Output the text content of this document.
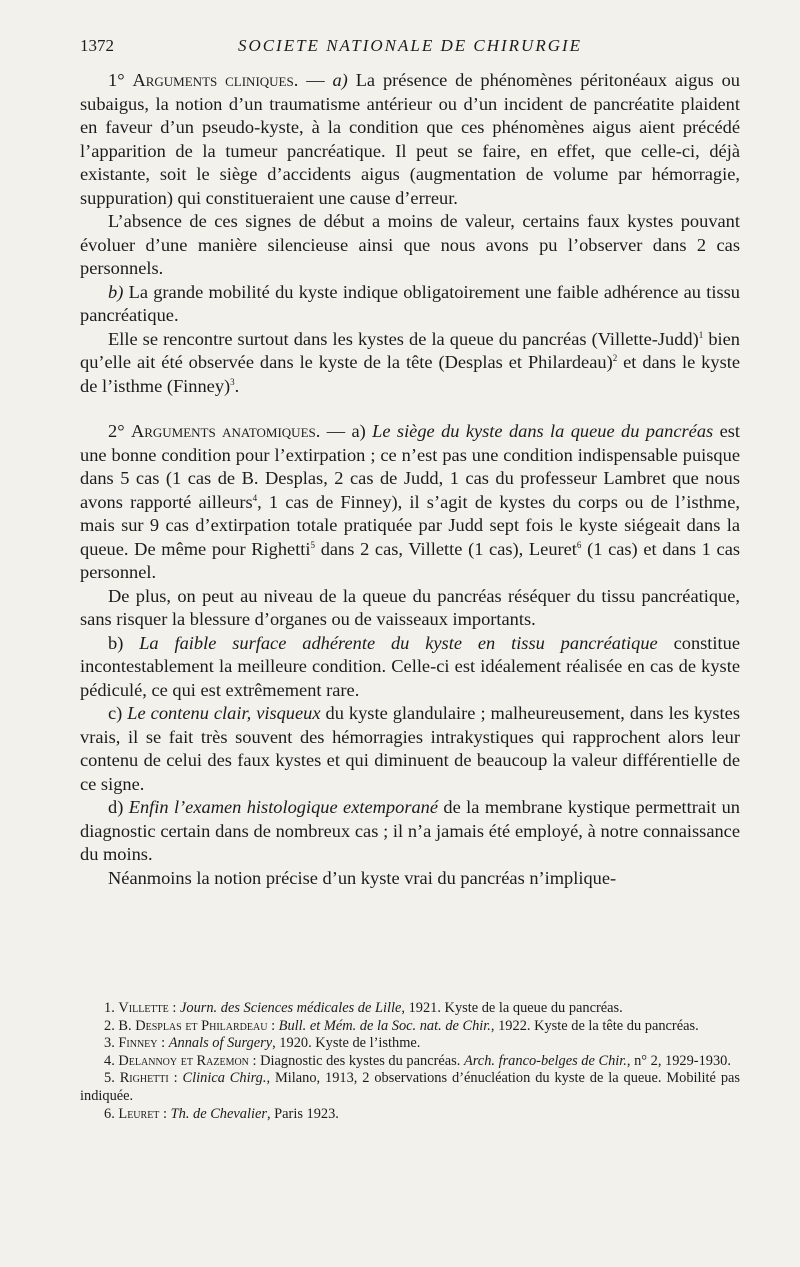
1372	SOCIETE NATIONALE DE CHIRURGIE

1° Arguments cliniques. — a) La présence de phénomènes péritonéaux aigus ou subaigus, la notion d’un traumatisme antérieur ou d’un incident de pancréatite plaident en faveur d’un pseudo-kyste, à la condition que ces phénomènes aigus aient précédé l’apparition de la tumeur pancréatique. Il peut se faire, en effet, que celle-ci, déjà existante, soit le siège d’accidents aigus (augmentation de volume par hémorragie, suppuration) qui constitueraient une cause d’erreur.

L’absence de ces signes de début a moins de valeur, certains faux kystes pouvant évoluer d’une manière silencieuse ainsi que nous avons pu l’observer dans 2 cas personnels.

b) La grande mobilité du kyste indique obligatoirement une faible adhérence au tissu pancréatique.

Elle se rencontre surtout dans les kystes de la queue du pancréas (Villette-Judd)$^1$ bien qu’elle ait été observée dans le kyste de la tête (Desplas et Philardeau)$^2$ et dans le kyste de l’isthme (Finney)$^3$.

2° Arguments anatomiques. — a) Le siège du kyste dans la queue du pancréas est une bonne condition pour l’extirpation ; ce n’est pas une condition indispensable puisque dans 5 cas (1 cas de B. Desplas, 2 cas de Judd, 1 cas du professeur Lambret que nous avons rapporté ailleurs$^4$, 1 cas de Finney), il s’agit de kystes du corps ou de l’isthme, mais sur 9 cas d’extirpation totale pratiquée par Judd sept fois le kyste siégeait dans la queue. De même pour Righetti$^5$ dans 2 cas, Villette (1 cas), Leuret$^6$ (1 cas) et dans 1 cas personnel.

De plus, on peut au niveau de la queue du pancréas réséquer du tissu pancréatique, sans risquer la blessure d’organes ou de vaisseaux importants.

b) La faible surface adhérente du kyste en tissu pancréatique constitue incontestablement la meilleure condition. Celle-ci est idéalement réalisée en cas de kyste pédiculé, ce qui est extrêmement rare.

c) Le contenu clair, visqueux du kyste glandulaire ; malheureusement, dans les kystes vrais, il se fait très souvent des hémorragies intrakystiques qui rapprochent alors leur contenu de celui des faux kystes et qui diminuent de beaucoup la valeur différentielle de ce signe.

d) Enfin l’examen histologique extemporané de la membrane kystique permettrait un diagnostic certain dans de nombreux cas ; il n’a jamais été employé, à notre connaissance du moins.

Néanmoins la notion précise d’un kyste vrai du pancréas n’implique-

1. Villette : Journ. des Sciences médicales de Lille, 1921. Kyste de la queue du pancréas.

2. B. Desplas et Philardeau : Bull. et Mém. de la Soc. nat. de Chir., 1922. Kyste de la tête du pancréas.

3. Finney : Annals of Surgery, 1920. Kyste de l’isthme.

4. Delannoy et Razemon : Diagnostic des kystes du pancréas. Arch. franco-belges de Chir., n° 2, 1929-1930.

5. Righetti : Clinica Chirg., Milano, 1913, 2 observations d’énucléation du kyste de la queue. Mobilité pas indiquée.

6. Leuret : Th. de Chevalier, Paris 1923.
